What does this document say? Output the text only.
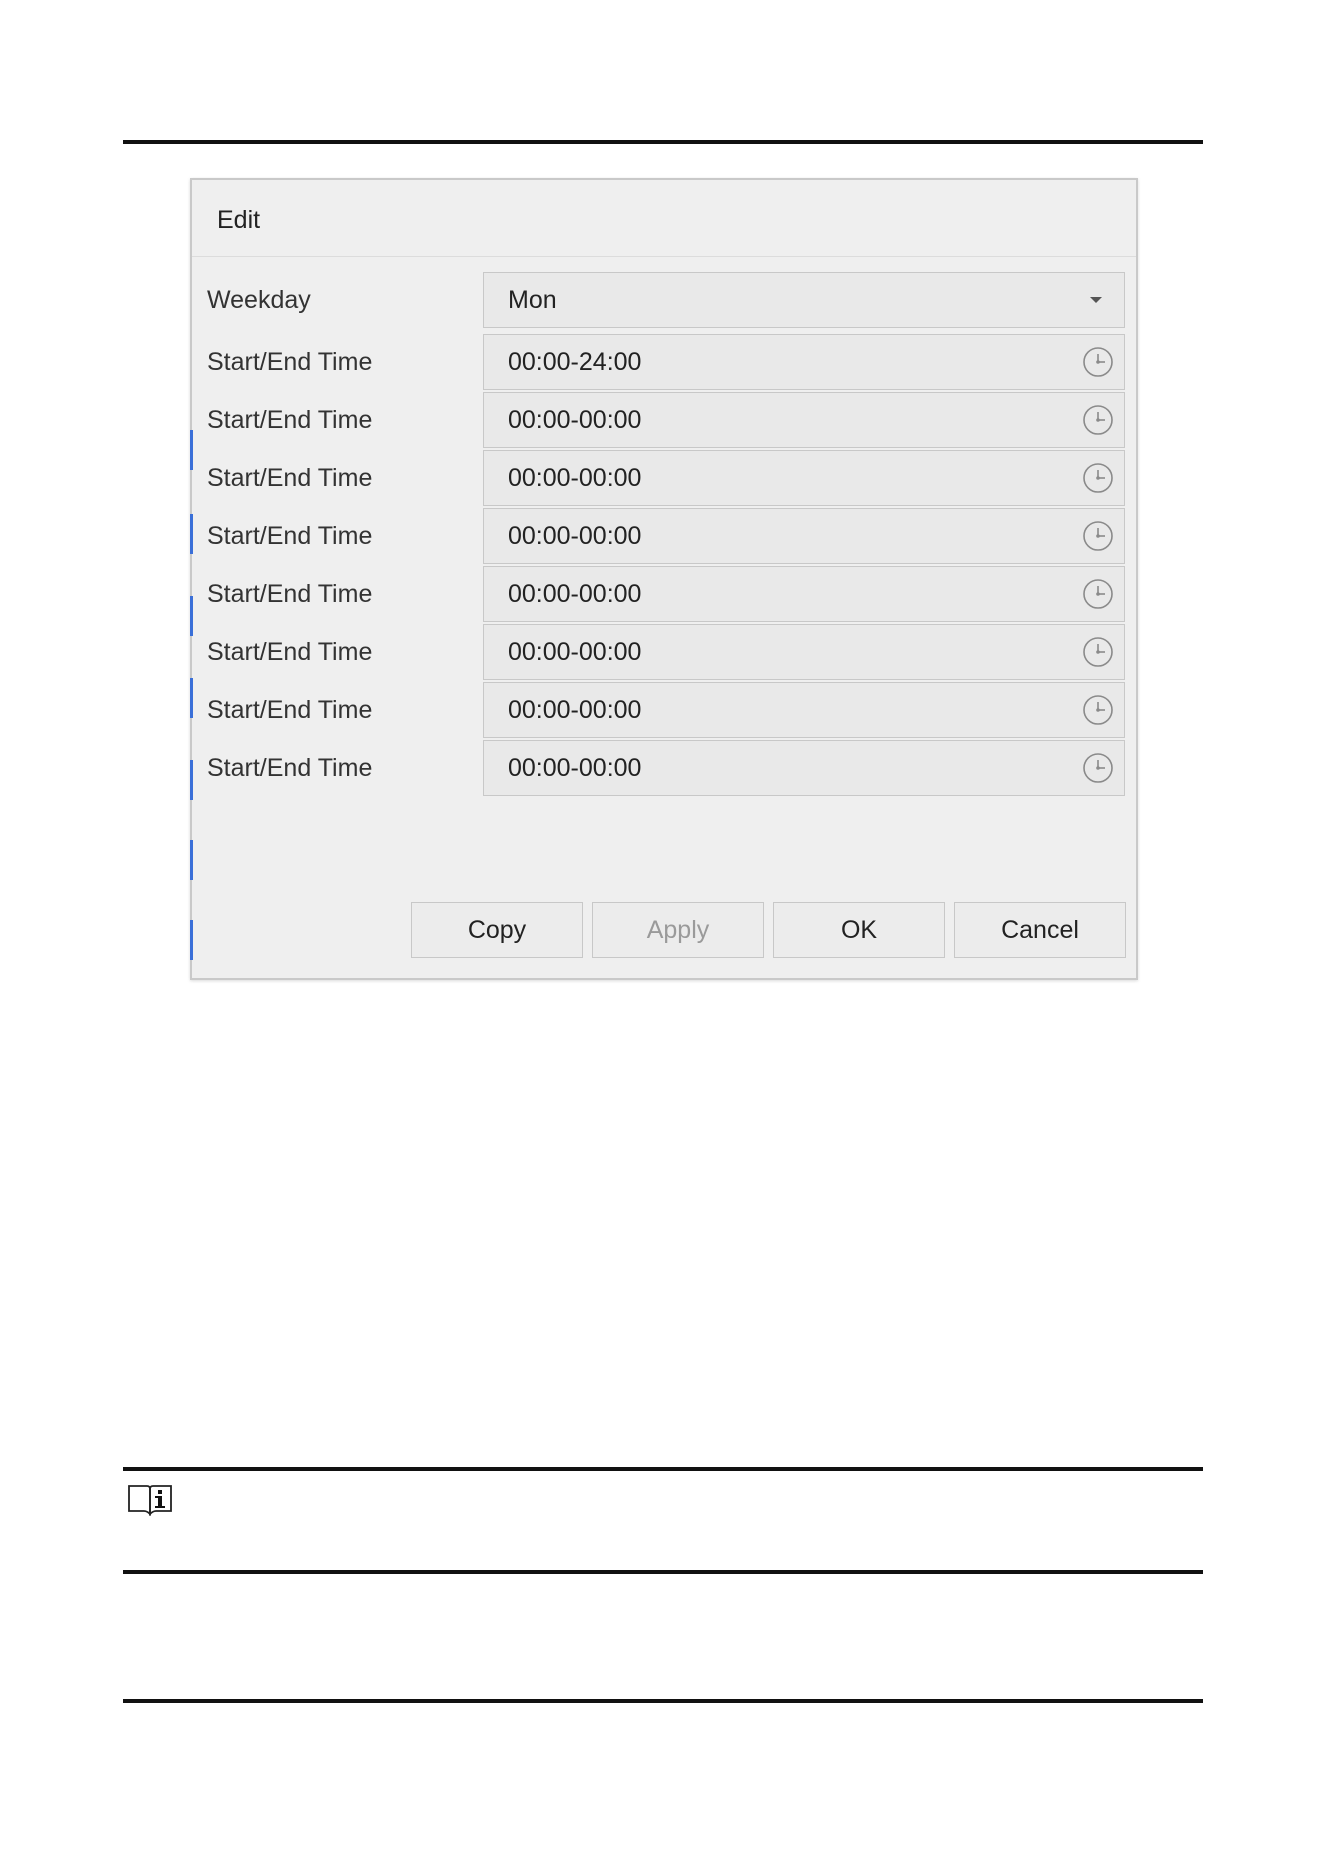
Edit
Weekday	Mon
Start/End Time	00:00-24:00
Start/End Time	00:00-00:00
Start/End Time	00:00-00:00
Start/End Time	00:00-00:00
Start/End Time	00:00-00:00
Start/End Time	00:00-00:00
Start/End Time	00:00-00:00
Start/End Time	00:00-00:00
Copy	Apply	OK	Cancel
